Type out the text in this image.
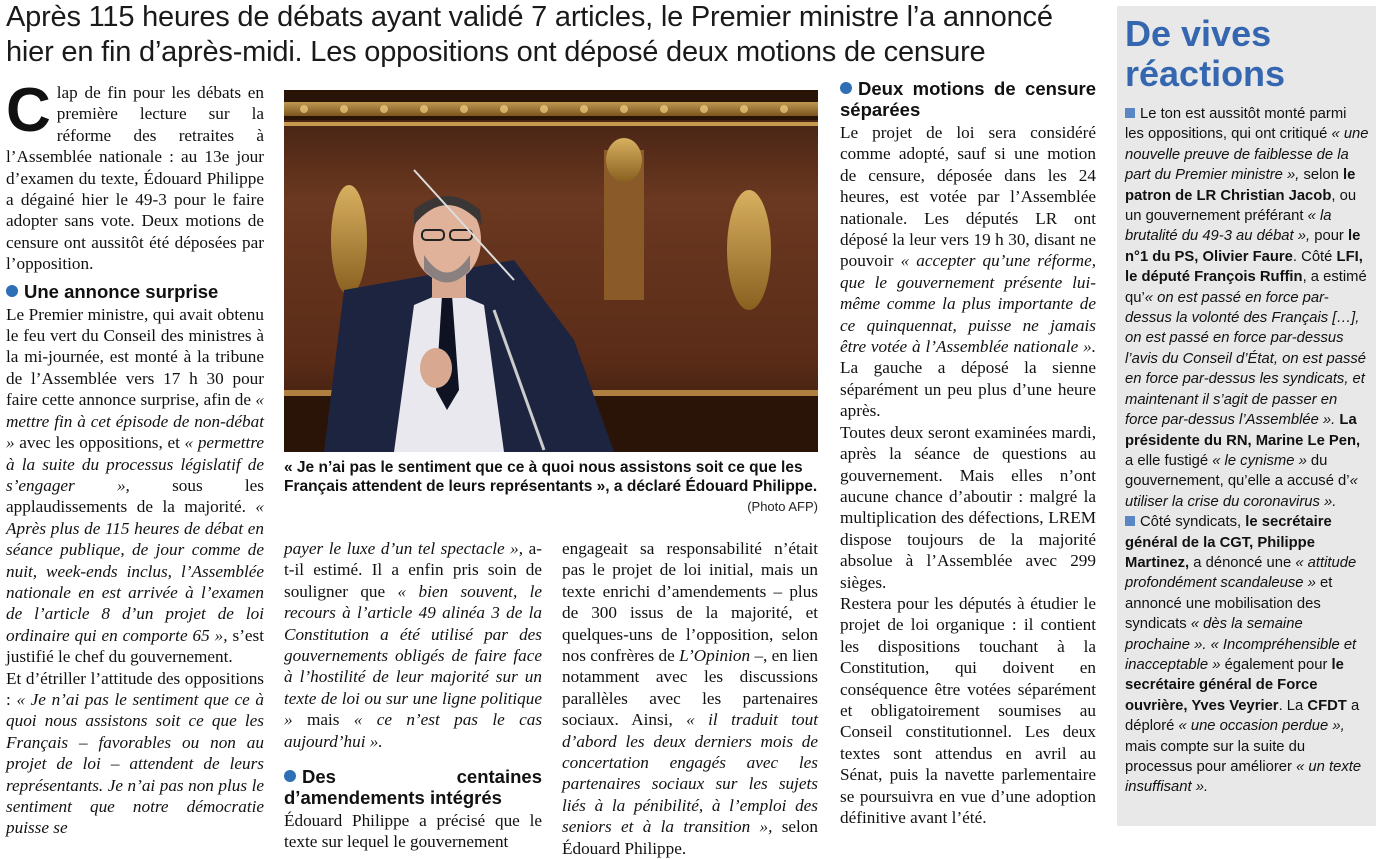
Après 115 heures de débats ayant validé 7 articles, le Premier ministre l’a annoncé
hier en fin d’après-midi. Les oppositions ont déposé deux motions de censure

Clap de fin pour les débats en première lecture sur la réforme des retraites à l’Assemblée nationale : au 13e jour d’examen du texte, Édouard Philippe a dégainé hier le 49-3 pour le faire adopter sans vote. Deux motions de censure ont aussitôt été déposées par l’opposition.

Une annonce surprise

Le Premier ministre, qui avait obtenu le feu vert du Conseil des ministres à la mi-journée, est monté à la tribune de l’Assemblée vers 17 h 30 pour faire cette annonce surprise, afin de « mettre fin à cet épisode de non-débat » avec les oppositions, et « permettre à la suite du processus législatif de s’engager », sous les applaudissements de la majorité. « Après plus de 115 heures de débat en séance publique, de jour comme de nuit, week-ends inclus, l’Assemblée nationale en est arrivée à l’examen de l’article 8 d’un projet de loi ordinaire qui en comporte 65 », s’est justifié le chef du gouvernement.

Et d’étriller l’attitude des oppositions : « Je n’ai pas le sentiment que ce à quoi nous assistons soit ce que les Français – favorables ou non au projet de loi – attendent de leurs représentants. Je n’ai pas non plus le sentiment que notre démocratie puisse se

« Je n’ai pas le sentiment que ce à quoi nous assistons soit ce que les Français attendent de leurs représentants », a déclaré Édouard Philippe.
(Photo AFP)

payer le luxe d’un tel spectacle », a-t-il estimé. Il a enfin pris soin de souligner que « bien souvent, le recours à l’article 49 alinéa 3 de la Constitution a été utilisé par des gouvernements obligés de faire face à l’hostilité de leur majorité sur un texte de loi ou sur une ligne politique » mais « ce n’est pas le cas aujourd’hui ».

Des centaines d’amendements intégrés

Édouard Philippe a précisé que le texte sur lequel le gouvernement

engageait sa responsabilité n’était pas le projet de loi initial, mais un texte enrichi d’amendements – plus de 300 issus de la majorité, et quelques-uns de l’opposition, selon nos confrères de L’Opinion –, en lien notamment avec les discussions parallèles avec les partenaires sociaux. Ainsi, « il traduit tout d’abord les deux derniers mois de concertation engagés avec les partenaires sociaux sur les sujets liés à la pénibilité, à l’emploi des seniors et à la transition », selon Édouard Philippe.

Deux motions de censure séparées

Le projet de loi sera considéré comme adopté, sauf si une motion de censure, déposée dans les 24 heures, est votée par l’Assemblée nationale. Les députés LR ont déposé la leur vers 19 h 30, disant ne pouvoir « accepter qu’une réforme, que le gouvernement présente lui-même comme la plus importante de ce quinquennat, puisse ne jamais être votée à l’Assemblée nationale ». La gauche a déposé la sienne séparément un peu plus d’une heure après.

Toutes deux seront examinées mardi, après la séance de questions au gouvernement. Mais elles n’ont aucune chance d’aboutir : malgré la multiplication des défections, LREM dispose toujours de la majorité absolue à l’Assemblée avec 299 sièges.

Restera pour les députés à étudier le projet de loi organique : il contient les dispositions touchant à la Constitution, qui doivent en conséquence être votées séparément et obligatoirement soumises au Conseil constitutionnel. Les deux textes sont attendus en avril au Sénat, puis la navette parlementaire se poursuivra en vue d’une adoption définitive avant l’été.

De vives
réactions

Le ton est aussitôt monté parmi les oppositions, qui ont critiqué « une nouvelle preuve de faiblesse de la part du Premier ministre », selon le patron de LR Christian Jacob, ou un gouvernement préférant « la brutalité du 49-3 au débat », pour le n°1 du PS, Olivier Faure. Côté LFI, le député François Ruffin, a estimé qu’« on est passé en force par-dessus la volonté des Français […], on est passé en force par-dessus l’avis du Conseil d’État, on est passé en force par-dessus les syndicats, et maintenant il s’agit de passer en force par-dessus l’Assemblée ». La présidente du RN, Marine Le Pen, a elle fustigé « le cynisme » du gouvernement, qu’elle a accusé d’« utiliser la crise du coronavirus ».

Côté syndicats, le secrétaire général de la CGT, Philippe Martinez, a dénoncé une « attitude profondément scandaleuse » et annoncé une mobilisation des syndicats « dès la semaine prochaine ». « Incompréhensible et inacceptable » également pour le secrétaire général de Force ouvrière, Yves Veyrier. La CFDT a déploré « une occasion perdue », mais compte sur la suite du processus pour améliorer « un texte insuffisant ».
